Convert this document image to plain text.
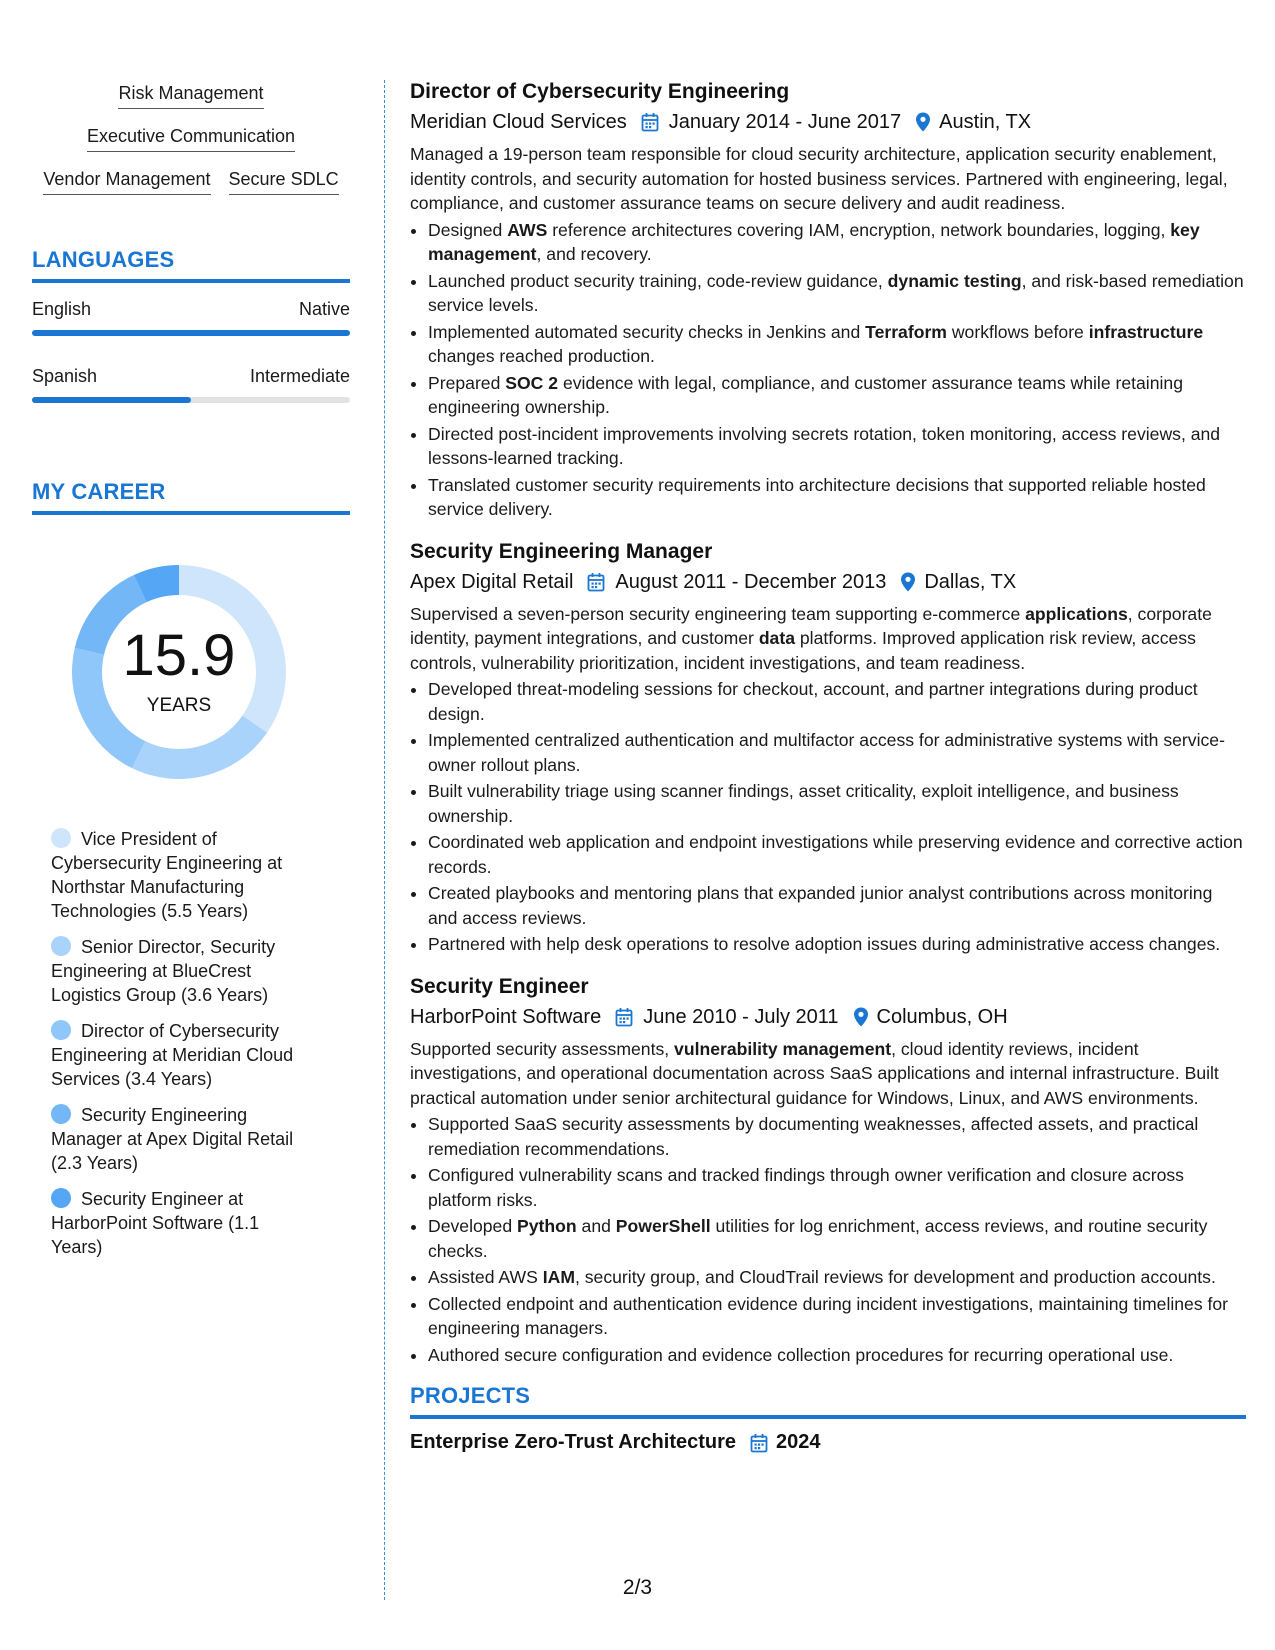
Risk Management
Executive Communication
Vendor Management Secure SDLC
LANGUAGES
English	Native
Spanish	Intermediate
MY CAREER
15.9
YEARS
Vice President of Cybersecurity Engineering at Northstar Manufacturing Technologies (5.5 Years)
Senior Director, Security Engineering at BlueCrest Logistics Group (3.6 Years)
Director of Cybersecurity Engineering at Meridian Cloud Services (3.4 Years)
Security Engineering Manager at Apex Digital Retail (2.3 Years)
Security Engineer at HarborPoint Software (1.1 Years)
Director of Cybersecurity Engineering
Meridian Cloud Services January 2014 - June 2017 Austin, TX
Managed a 19-person team responsible for cloud security architecture, application security enablement, identity controls, and security automation for hosted business services. Partnered with engineering, legal, compliance, and customer assurance teams on secure delivery and audit readiness.
• Designed AWS reference architectures covering IAM, encryption, network boundaries, logging, key management, and recovery.
• Launched product security training, code-review guidance, dynamic testing, and risk-based remediation service levels.
• Implemented automated security checks in Jenkins and Terraform workflows before infrastructure changes reached production.
• Prepared SOC 2 evidence with legal, compliance, and customer assurance teams while retaining engineering ownership.
• Directed post-incident improvements involving secrets rotation, token monitoring, access reviews, and lessons-learned tracking.
• Translated customer security requirements into architecture decisions that supported reliable hosted service delivery.
Security Engineering Manager
Apex Digital Retail August 2011 - December 2013 Dallas, TX
Supervised a seven-person security engineering team supporting e-commerce applications, corporate identity, payment integrations, and customer data platforms. Improved application risk review, access controls, vulnerability prioritization, incident investigations, and team readiness.
• Developed threat-modeling sessions for checkout, account, and partner integrations during product design.
• Implemented centralized authentication and multifactor access for administrative systems with service-owner rollout plans.
• Built vulnerability triage using scanner findings, asset criticality, exploit intelligence, and business ownership.
• Coordinated web application and endpoint investigations while preserving evidence and corrective action records.
• Created playbooks and mentoring plans that expanded junior analyst contributions across monitoring and access reviews.
• Partnered with help desk operations to resolve adoption issues during administrative access changes.
Security Engineer
HarborPoint Software June 2010 - July 2011 Columbus, OH
Supported security assessments, vulnerability management, cloud identity reviews, incident investigations, and operational documentation across SaaS applications and internal infrastructure. Built practical automation under senior architectural guidance for Windows, Linux, and AWS environments.
• Supported SaaS security assessments by documenting weaknesses, affected assets, and practical remediation recommendations.
• Configured vulnerability scans and tracked findings through owner verification and closure across platform risks.
• Developed Python and PowerShell utilities for log enrichment, access reviews, and routine security checks.
• Assisted AWS IAM, security group, and CloudTrail reviews for development and production accounts.
• Collected endpoint and authentication evidence during incident investigations, maintaining timelines for engineering managers.
• Authored secure configuration and evidence collection procedures for recurring operational use.
PROJECTS
Enterprise Zero-Trust Architecture 2024
2/3
